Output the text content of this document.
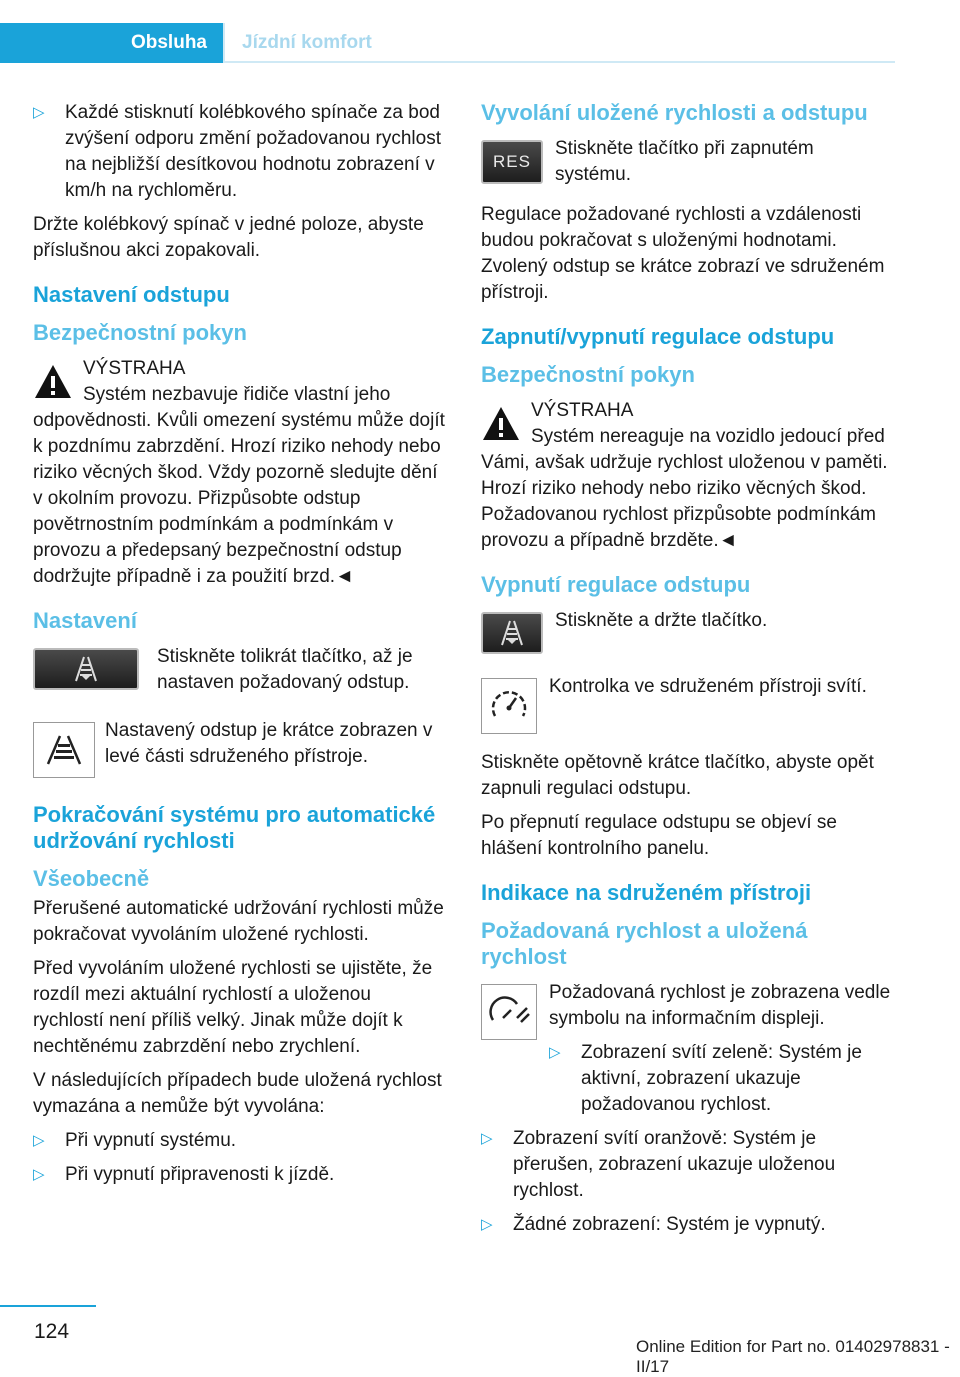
Obsluha	Jízdní komfort
▷	Každé stisknutí kolébkového spínače za bod zvýšení odporu změní požadovanou rychlost na nejbližší desítkovou hodnotu zobrazení v km/h na rychloměru.
Držte kolébkový spínač v jedné poloze, abyste příslušnou akci zopakovali.
Nastavení odstupu
Bezpečnostní pokyn
VÝSTRAHA
Systém nezbavuje řidiče vlastní jeho odpovědnosti. Kvůli omezení systému může dojít k pozdnímu zabrzdění. Hrozí riziko nehody nebo riziko věcných škod. Vždy pozorně sledujte dění v okolním provozu. Přizpůsobte odstup povětrnostním podmínkám a podmínkám v provozu a předepsaný bezpečnostní odstup dodržujte případně i za použití brzd.◄
Nastavení
Stiskněte tolikrát tlačítko, až je nastaven požadovaný odstup.
Nastavený odstup je krátce zobrazen v levé části sdruženého přístroje.
Pokračování systému pro automatické udržování rychlosti
Všeobecně
Přerušené automatické udržování rychlosti může pokračovat vyvoláním uložené rychlosti.
Před vyvoláním uložené rychlosti se ujistěte, že rozdíl mezi aktuální rychlostí a uloženou rychlostí není příliš velký. Jinak může dojít k nechtěnému zabrzdění nebo zrychlení.
V následujících případech bude uložená rychlost vymazána a nemůže být vyvolána:
▷	Při vypnutí systému.
▷	Při vypnutí připravenosti k jízdě.
Vyvolání uložené rychlosti a odstupu
RES
Stiskněte tlačítko při zapnutém systému.
Regulace požadované rychlosti a vzdálenosti budou pokračovat s uloženými hodnotami. Zvolený odstup se krátce zobrazí ve sdruženém přístroji.
Zapnutí/vypnutí regulace odstupu
Bezpečnostní pokyn
VÝSTRAHA
Systém nereaguje na vozidlo jedoucí před Vámi, avšak udržuje rychlost uloženou v paměti. Hrozí riziko nehody nebo riziko věcných škod. Požadovanou rychlost přizpůsobte podmínkám provozu a případně brzděte.◄
Vypnutí regulace odstupu
Stiskněte a držte tlačítko.
Kontrolka ve sdruženém přístroji svítí.
Stiskněte opětovně krátce tlačítko, abyste opět zapnuli regulaci odstupu.
Po přepnutí regulace odstupu se objeví se hlášení kontrolního panelu.
Indikace na sdruženém přístroji
Požadovaná rychlost a uložená rychlost
Požadovaná rychlost je zobrazena vedle symbolu na informačním displeji.
▷	Zobrazení svítí zeleně: Systém je aktivní, zobrazení ukazuje požadovanou rychlost.
▷	Zobrazení svítí oranžově: Systém je přerušen, zobrazení ukazuje uloženou rychlost.
▷	Žádné zobrazení: Systém je vypnutý.
124
Online Edition for Part no. 01402978831 - II/17
